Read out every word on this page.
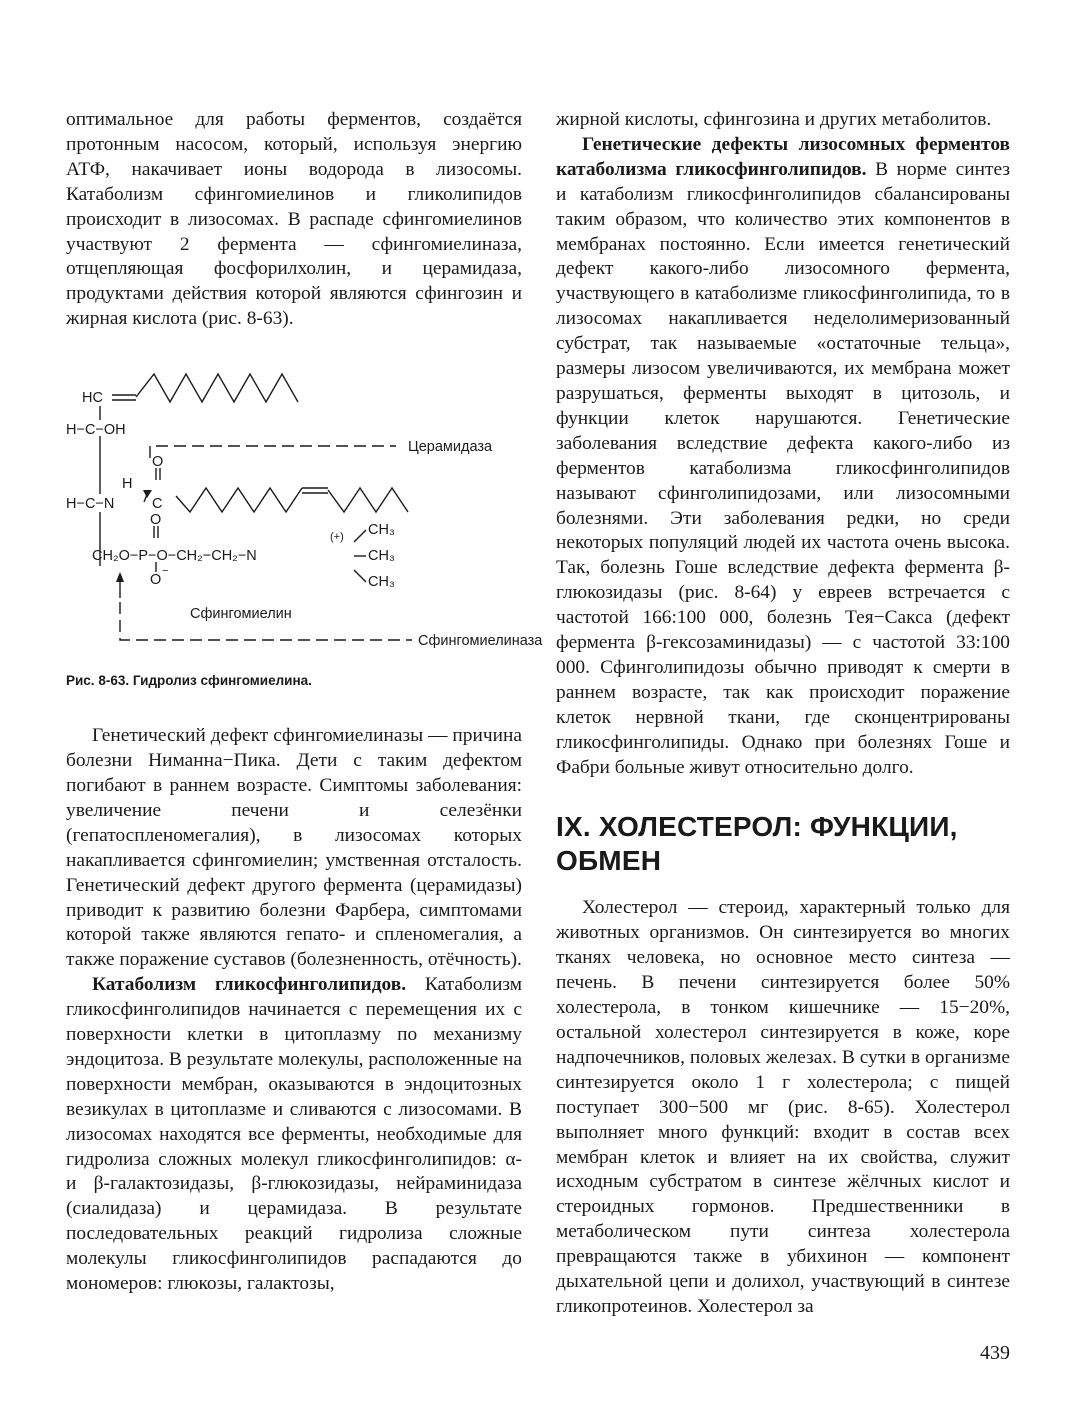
оптимальное для работы ферментов, создаётся протонным насосом, который, используя энергию АТФ, накачивает ионы водорода в лизосомы. Катаболизм сфингомиелинов и гликолипидов происходит в лизосомах. В распаде сфингомиелинов участвуют 2 фермента — сфингомиелиназа, отщепляющая фосфорилхолин, и церамидаза, продуктами действия которой являются сфингозин и жирная кислота (рис. 8-63).

HC
H−C−OH
O
H
H−C−N	C
O
CH₂O−P−O−CH₂−CH₂−N
(+) CH₃
CH₃
CH₃
O
−
Церамидаза
Сфингомиелин
Сфингомиелиназа
Рис. 8-63. Гидролиз сфингомиелина.

Генетический дефект сфингомиелиназы — причина болезни Ниманна−Пика. Дети с таким дефектом погибают в раннем возрасте. Симптомы заболевания: увеличение печени и селезёнки (гепатоспленомегалия), в лизосомах которых накапливается сфингомиелин; умственная отсталость. Генетический дефект другого фермента (церамидазы) приводит к развитию болезни Фарбера, симптомами которой также являются гепато- и спленомегалия, а также поражение суставов (болезненность, отёчность).

Катаболизм гликосфинголипидов. Катаболизм гликосфинголипидов начинается с перемещения их с поверхности клетки в цитоплазму по механизму эндоцитоза. В результате молекулы, расположенные на поверхности мембран, оказываются в эндоцитозных везикулах в цитоплазме и сливаются с лизосомами. В лизосомах находятся все ферменты, необходимые для гидролиза сложных молекул гликосфинголипидов: α- и β-галактозидазы, β-глюкозидазы, нейраминидаза (сиалидаза) и церамидаза. В результате последовательных реакций гидролиза сложные молекулы гликосфинголипидов распадаются до мономеров: глюкозы, галактозы,

жирной кислоты, сфингозина и других метаболитов.

Генетические дефекты лизосомных ферментов катаболизма гликосфинголипидов. В норме синтез и катаболизм гликосфинголипидов сбалансированы таким образом, что количество этих компонентов в мембранах постоянно. Если имеется генетический дефект какого-либо лизосомного фермента, участвующего в катаболизме гликосфинголипида, то в лизосомах накапливается неделолимеризованный субстрат, так называемые «остаточные тельца», размеры лизосом увеличиваются, их мембрана может разрушаться, ферменты выходят в цитозоль, и функции клеток нарушаются. Генетические заболевания вследствие дефекта какого-либо из ферментов катаболизма гликосфинголипидов называют сфинголипидозами, или лизосомными болезнями. Эти заболевания редки, но среди некоторых популяций людей их частота очень высока. Так, болезнь Гоше вследствие дефекта фермента β-глюкозидазы (рис. 8-64) у евреев встречается с частотой 166:100 000, болезнь Тея−Сакса (дефект фермента β-гексозаминидазы) — с частотой 33:100 000. Сфинголипидозы обычно приводят к смерти в раннем возрасте, так как происходит поражение клеток нервной ткани, где сконцентрированы гликосфинголипиды. Однако при болезнях Гоше и Фабри больные живут относительно долго.

IX. ХОЛЕСТЕРОЛ: ФУНКЦИИ, ОБМЕН

Холестерол — стероид, характерный только для животных организмов. Он синтезируется во многих тканях человека, но основное место синтеза — печень. В печени синтезируется более 50% холестерола, в тонком кишечнике — 15−20%, остальной холестерол синтезируется в коже, коре надпочечников, половых железах. В сутки в организме синтезируется около 1 г холестерола; с пищей поступает 300−500 мг (рис. 8-65). Холестерол выполняет много функций: входит в состав всех мембран клеток и влияет на их свойства, служит исходным субстратом в синтезе жёлчных кислот и стероидных гормонов. Предшественники в метаболическом пути синтеза холестерола превращаются также в убихинон — компонент дыхательной цепи и долихол, участвующий в синтезе гликопротеинов. Холестерол за

439
